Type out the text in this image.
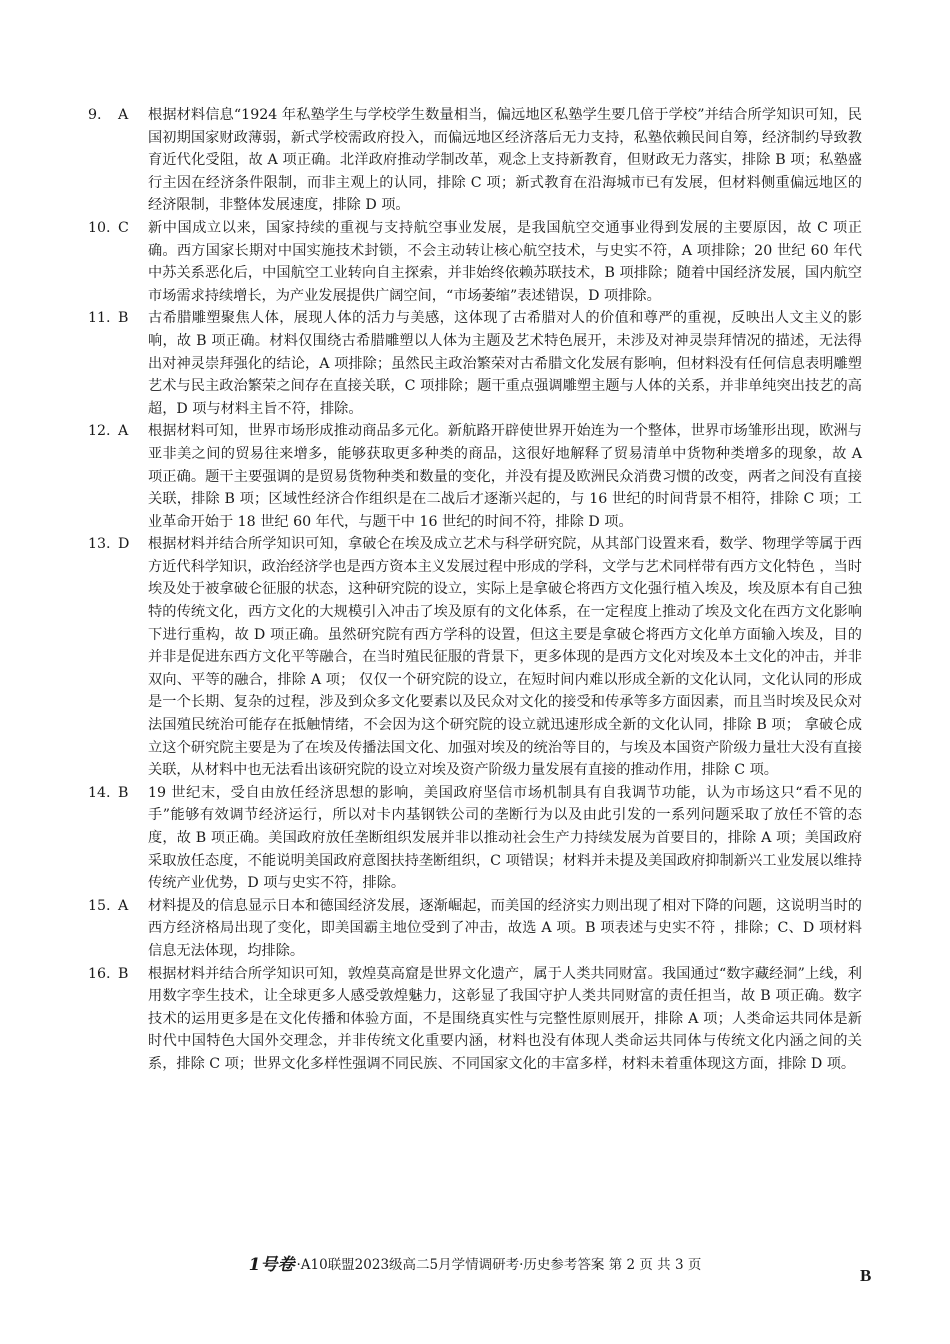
9. A 根据材料信息“1924 年私塾学生与学校学生数量相当，偏远地区私塾学生要几倍于学校”并结合所学知识可知，民国初期国家财政薄弱，新式学校需政府投入，而偏远地区经济落后无力支持，私塾依赖民间自筹，经济制约导致教育近代化受阻，故 A 项正确。北洋政府推动学制改革，观念上支持新教育，但财政无力落实，排除 B 项；私塾盛行主因在经济条件限制，而非主观上的认同，排除 C 项；新式教育在沿海城市已有发展，但材料侧重偏远地区的经济限制，非整体发展速度，排除 D 项。
10. C 新中国成立以来，国家持续的重视与支持航空事业发展，是我国航空交通事业得到发展的主要原因，故 C 项正确。西方国家长期对中国实施技术封锁，不会主动转让核心航空技术，与史实不符，A 项排除；20 世纪 60 年代中苏关系恶化后，中国航空工业转向自主探索，并非始终依赖苏联技术，B 项排除；随着中国经济发展，国内航空市场需求持续增长，为产业发展提供广阔空间，“市场萎缩”表述错误，D 项排除。
11. B 古希腊雕塑聚焦人体，展现人体的活力与美感，这体现了古希腊对人的价值和尊严的重视，反映出人文主义的影响，故 B 项正确。材料仅围绕古希腊雕塑以人体为主题及艺术特色展开，未涉及对神灵崇拜情况的描述，无法得出对神灵崇拜强化的结论，A 项排除；虽然民主政治繁荣对古希腊文化发展有影响，但材料没有任何信息表明雕塑艺术与民主政治繁荣之间存在直接关联，C 项排除；题干重点强调雕塑主题与人体的关系，并非单纯突出技艺的高超，D 项与材料主旨不符，排除。
12. A 根据材料可知，世界市场形成推动商品多元化。新航路开辟使世界开始连为一个整体，世界市场雏形出现，欧洲与亚非美之间的贸易往来增多，能够获取更多种类的商品，这很好地解释了贸易清单中货物种类增多的现象，故 A 项正确。题干主要强调的是贸易货物种类和数量的变化，并没有提及欧洲民众消费习惯的改变，两者之间没有直接关联，排除 B 项；区域性经济合作组织是在二战后才逐渐兴起的，与 16 世纪的时间背景不相符，排除 C 项；工业革命开始于 18 世纪 60 年代，与题干中 16 世纪的时间不符，排除 D 项。
13. D 根据材料并结合所学知识可知，拿破仑在埃及成立艺术与科学研究院，从其部门设置来看，数学、物理学等属于西方近代科学知识，政治经济学也是西方资本主义发展过程中形成的学科，文学与艺术同样带有西方文化特色 ，当时埃及处于被拿破仑征服的状态，这种研究院的设立，实际上是拿破仑将西方文化强行植入埃及，埃及原本有自己独特的传统文化，西方文化的大规模引入冲击了埃及原有的文化体系，在一定程度上推动了埃及文化在西方文化影响下进行重构，故 D 项正确。虽然研究院有西方学科的设置，但这主要是拿破仑将西方文化单方面输入埃及，目的并非是促进东西方文化平等融合，在当时殖民征服的背景下，更多体现的是西方文化对埃及本土文化的冲击，并非双向、平等的融合，排除 A 项； 仅仅一个研究院的设立，在短时间内难以形成全新的文化认同，文化认同的形成是一个长期、复杂的过程，涉及到众多文化要素以及民众对文化的接受和传承等多方面因素，而且当时埃及民众对法国殖民统治可能存在抵触情绪，不会因为这个研究院的设立就迅速形成全新的文化认同，排除 B 项； 拿破仑成立这个研究院主要是为了在埃及传播法国文化、加强对埃及的统治等目的，与埃及本国资产阶级力量壮大没有直接关联，从材料中也无法看出该研究院的设立对埃及资产阶级力量发展有直接的推动作用，排除 C 项。
14. B 19 世纪末，受自由放任经济思想的影响，美国政府坚信市场机制具有自我调节功能，认为市场这只“看不见的手”能够有效调节经济运行，所以对卡内基钢铁公司的垄断行为以及由此引发的一系列问题采取了放任不管的态度，故 B 项正确。美国政府放任垄断组织发展并非以推动社会生产力持续发展为首要目的，排除 A 项；美国政府采取放任态度，不能说明美国政府意图扶持垄断组织，C 项错误；材料并未提及美国政府抑制新兴工业发展以维持传统产业优势，D 项与史实不符，排除。
15. A 材料提及的信息显示日本和德国经济发展，逐渐崛起，而美国的经济实力则出现了相对下降的问题，这说明当时的西方经济格局出现了变化，即美国霸主地位受到了冲击，故选 A 项。B 项表述与史实不符 ，排除；C、D 项材料信息无法体现，均排除。
16. B 根据材料并结合所学知识可知，敦煌莫高窟是世界文化遗产，属于人类共同财富。我国通过“数字藏经洞”上线，利用数字孪生技术，让全球更多人感受敦煌魅力，这彰显了我国守护人类共同财富的责任担当，故 B 项正确。数字技术的运用更多是在文化传播和体验方面，不是围绕真实性与完整性原则展开，排除 A 项；人类命运共同体是新时代中国特色大国外交理念，并非传统文化重要内涵，材料也没有体现人类命运共同体与传统文化内涵之间的关系，排除 C 项；世界文化多样性强调不同民族、不同国家文化的丰富多样，材料未着重体现这方面，排除 D 项。
1号卷 ·A10联盟2023级高二5月学情调研考·历史参考答案 第 2 页 共 3 页
B
